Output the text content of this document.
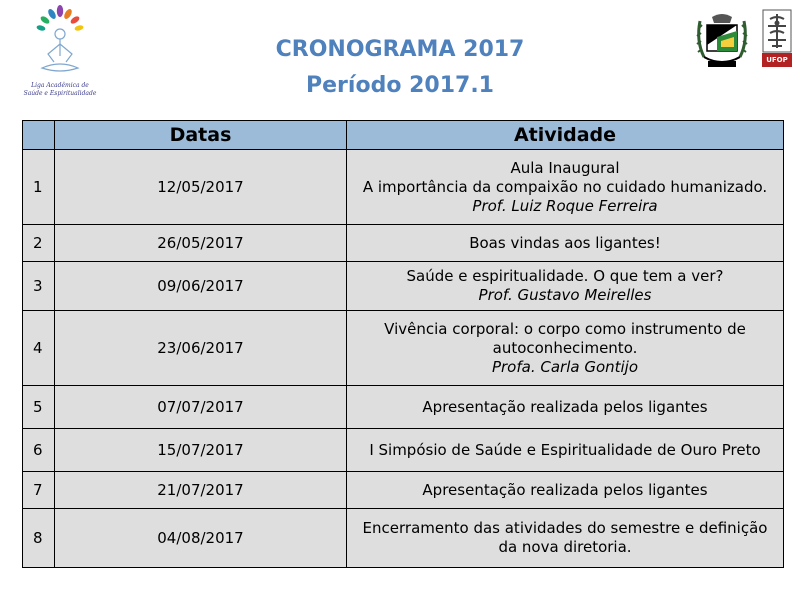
Liga Acadêmica de
Saúde e Espiritualidade
CRONOGRAMA 2017
Período 2017.1
UFOP
	Datas	Atividade
1	12/05/2017	Aula Inaugural
A importância da compaixão no cuidado humanizado.
Prof. Luiz Roque Ferreira

2	26/05/2017	Boas vindas aos ligantes!

3	09/06/2017	Saúde e espiritualidade. O que tem a ver?
Prof. Gustavo Meirelles

4	23/06/2017	Vivência corporal: o corpo como instrumento de
autoconhecimento.
Profa. Carla Gontijo

5	07/07/2017	Apresentação realizada pelos ligantes

6	15/07/2017	I Simpósio de Saúde e Espiritualidade de Ouro Preto

7	21/07/2017	Apresentação realizada pelos ligantes

8	04/08/2017	Encerramento das atividades do semestre e definição
da nova diretoria.
